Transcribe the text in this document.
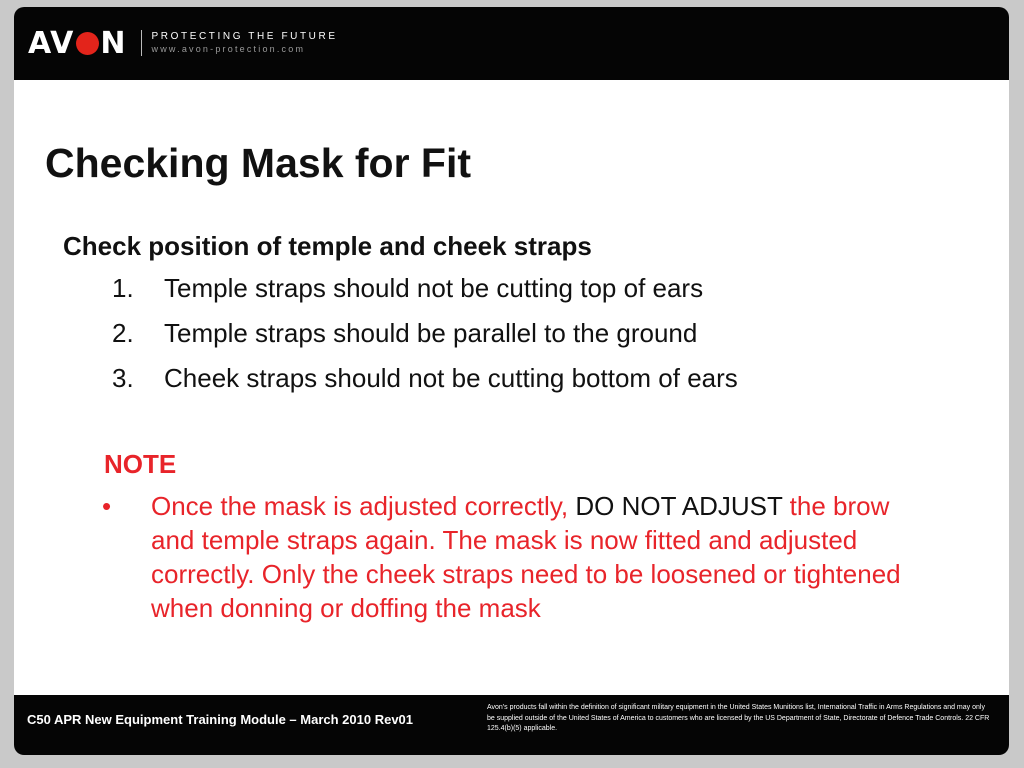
AV N	PROTECTING THE FUTURE
www.avon-protection.com
Checking Mask for Fit
Check position of temple and cheek straps
1.	Temple straps should not be cutting top of ears
2.	Temple straps should be parallel to the ground
3.	Cheek straps should not be cutting bottom of ears
NOTE
•	Once the mask is adjusted correctly, DO NOT ADJUST the brow and temple straps again. The mask is now fitted and adjusted correctly. Only the cheek straps need to be loosened or tightened when donning or doffing the mask
C50 APR New Equipment Training Module – March 2010 Rev01
Avon's products fall within the definition of significant military equipment in the United States Munitions list, International Traffic in Arms Regulations and may only be supplied outside of the United States of America to customers who are licensed by the US Department of State, Directorate of Defence Trade Controls. 22 CFR 125.4(b)(5) applicable.
